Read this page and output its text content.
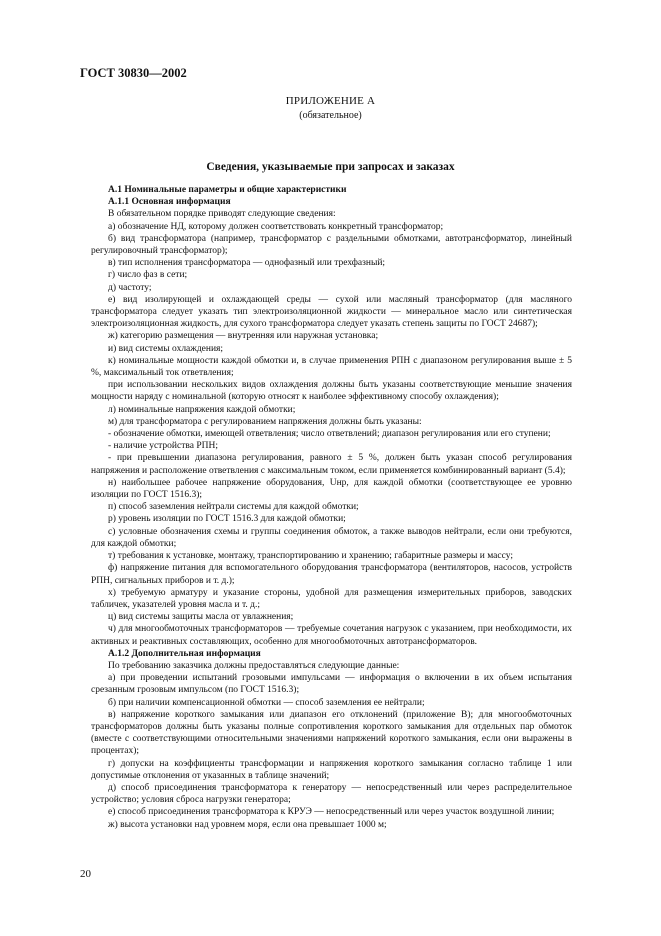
ГОСТ 30830—2002
ПРИЛОЖЕНИЕ А
(обязательное)
Сведения, указываемые при запросах и заказах

А.1 Номинальные параметры и общие характеристики

А.1.1 Основная информация

В обязательном порядке приводят следующие сведения:

а) обозначение НД, которому должен соответствовать конкретный трансформатор;

б) вид трансформатора (например, трансформатор с раздельными обмотками, автотрансформатор, линейный регулировочный трансформатор);

в) тип исполнения трансформатора — однофазный или трехфазный;

г) число фаз в сети;

д) частоту;

е) вид изолирующей и охлаждающей среды — сухой или масляный трансформатор (для масляного трансформатора следует указать тип электроизоляционной жидкости — минеральное масло или синтетическая электроизоляционная жидкость, для сухого трансформатора следует указать степень защиты по ГОСТ 24687);

ж) категорию размещения — внутренняя или наружная установка;

и) вид системы охлаждения;

к) номинальные мощности каждой обмотки и, в случае применения РПН с диапазоном регулирования выше ± 5 %, максимальный ток ответвления;

при использовании нескольких видов охлаждения должны быть указаны соответствующие меньшие значения мощности наряду с номинальной (которую относят к наиболее эффективному способу охлаждения);

л) номинальные напряжения каждой обмотки;

м) для трансформатора с регулированием напряжения должны быть указаны:

- обозначение обмотки, имеющей ответвления; число ответвлений; диапазон регулирования или его ступени;

- наличие устройства РПН;

- при превышении диапазона регулирования, равного ± 5 %, должен быть указан способ регулирования напряжения и расположение ответвления с максимальным током, если применяется комбинированный вариант (5.4);

н) наибольшее рабочее напряжение оборудования, Uнр, для каждой обмотки (соответствующее ее уровню изоляции по ГОСТ 1516.3);

п) способ заземления нейтрали системы для каждой обмотки;

р) уровень изоляции по ГОСТ 1516.3 для каждой обмотки;

с) условные обозначения схемы и группы соединения обмоток, а также выводов нейтрали, если они требуются, для каждой обмотки;

т) требования к установке, монтажу, транспортированию и хранению; габаритные размеры и массу;

ф) напряжение питания для вспомогательного оборудования трансформатора (вентиляторов, насосов, устройств РПН, сигнальных приборов и т. д.);

х) требуемую арматуру и указание стороны, удобной для размещения измерительных приборов, заводских табличек, указателей уровня масла и т. д.;

ц) вид системы защиты масла от увлажнения;

ч) для многообмоточных трансформаторов — требуемые сочетания нагрузок с указанием, при необходимости, их активных и реактивных составляющих, особенно для многообмоточных автотрансформаторов.

А.1.2 Дополнительная информация

По требованию заказчика должны предоставляться следующие данные:

а) при проведении испытаний грозовыми импульсами — информация о включении в их объем испытания срезанным грозовым импульсом (по ГОСТ 1516.3);

б) при наличии компенсационной обмотки — способ заземления ее нейтрали;

в) напряжение короткого замыкания или диапазон его отклонений (приложение В); для многообмоточных трансформаторов должны быть указаны полные сопротивления короткого замыкания для отдельных пар обмоток (вместе с соответствующими относительными значениями напряжений короткого замыкания, если они выражены в процентах);

г) допуски на коэффициенты трансформации и напряжения короткого замыкания согласно таблице 1 или допустимые отклонения от указанных в таблице значений;

д) способ присоединения трансформатора к генератору — непосредственный или через распределительное устройство; условия сброса нагрузки генератора;

е) способ присоединения трансформатора к КРУЭ — непосредственный или через участок воздушной линии;

ж) высота установки над уровнем моря, если она превышает 1000 м;

20
